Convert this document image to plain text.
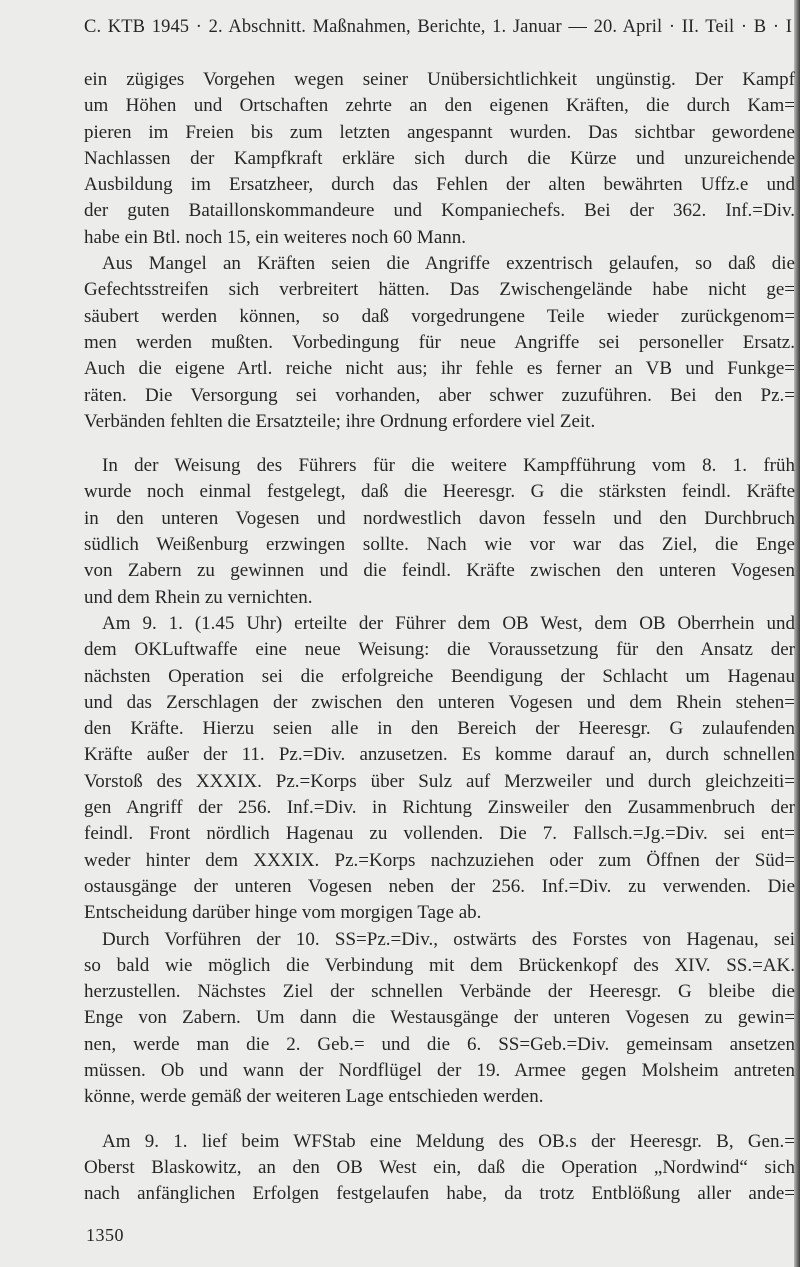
C. KTB 1945 · 2. Abschnitt. Maßnahmen, Berichte, 1. Januar — 20. April · II. Teil · B · I
ein zügiges Vorgehen wegen seiner Unübersichtlichkeit ungünstig. Der Kampf
um Höhen und Ortschaften zehrte an den eigenen Kräften, die durch Kam=
pieren im Freien bis zum letzten angespannt wurden. Das sichtbar gewordene
Nachlassen der Kampfkraft erkläre sich durch die Kürze und unzureichende
Ausbildung im Ersatzheer, durch das Fehlen der alten bewährten Uffz.e und
der guten Bataillonskommandeure und Kompaniechefs. Bei der 362. Inf.=Div.
habe ein Btl. noch 15, ein weiteres noch 60 Mann.
Aus Mangel an Kräften seien die Angriffe exzentrisch gelaufen, so daß die
Gefechtsstreifen sich verbreitert hätten. Das Zwischengelände habe nicht ge=
säubert werden können, so daß vorgedrungene Teile wieder zurückgenom=
men werden mußten. Vorbedingung für neue Angriffe sei personeller Ersatz.
Auch die eigene Artl. reiche nicht aus; ihr fehle es ferner an VB und Funkge=
räten. Die Versorgung sei vorhanden, aber schwer zuzuführen. Bei den Pz.=
Verbänden fehlten die Ersatzteile; ihre Ordnung erfordere viel Zeit.
In der Weisung des Führers für die weitere Kampfführung vom 8. 1. früh
wurde noch einmal festgelegt, daß die Heeresgr. G die stärksten feindl. Kräfte
in den unteren Vogesen und nordwestlich davon fesseln und den Durchbruch
südlich Weißenburg erzwingen sollte. Nach wie vor war das Ziel, die Enge
von Zabern zu gewinnen und die feindl. Kräfte zwischen den unteren Vogesen
und dem Rhein zu vernichten.
Am 9. 1. (1.45 Uhr) erteilte der Führer dem OB West, dem OB Oberrhein und
dem OKLuftwaffe eine neue Weisung: die Voraussetzung für den Ansatz der
nächsten Operation sei die erfolgreiche Beendigung der Schlacht um Hagenau
und das Zerschlagen der zwischen den unteren Vogesen und dem Rhein stehen=
den Kräfte. Hierzu seien alle in den Bereich der Heeresgr. G zulaufenden
Kräfte außer der 11. Pz.=Div. anzusetzen. Es komme darauf an, durch schnellen
Vorstoß des XXXIX. Pz.=Korps über Sulz auf Merzweiler und durch gleichzeiti=
gen Angriff der 256. Inf.=Div. in Richtung Zinsweiler den Zusammenbruch der
feindl. Front nördlich Hagenau zu vollenden. Die 7. Fallsch.=Jg.=Div. sei ent=
weder hinter dem XXXIX. Pz.=Korps nachzuziehen oder zum Öffnen der Süd=
ostausgänge der unteren Vogesen neben der 256. Inf.=Div. zu verwenden. Die
Entscheidung darüber hinge vom morgigen Tage ab.
Durch Vorführen der 10. SS=Pz.=Div., ostwärts des Forstes von Hagenau, sei
so bald wie möglich die Verbindung mit dem Brückenkopf des XIV. SS.=AK.
herzustellen. Nächstes Ziel der schnellen Verbände der Heeresgr. G bleibe die
Enge von Zabern. Um dann die Westausgänge der unteren Vogesen zu gewin=
nen, werde man die 2. Geb.= und die 6. SS=Geb.=Div. gemeinsam ansetzen
müssen. Ob und wann der Nordflügel der 19. Armee gegen Molsheim antreten
könne, werde gemäß der weiteren Lage entschieden werden.
Am 9. 1. lief beim WFStab eine Meldung des OB.s der Heeresgr. B, Gen.=
Oberst Blaskowitz, an den OB West ein, daß die Operation „Nordwind“ sich
nach anfänglichen Erfolgen festgelaufen habe, da trotz Entblößung aller ande=
1350
